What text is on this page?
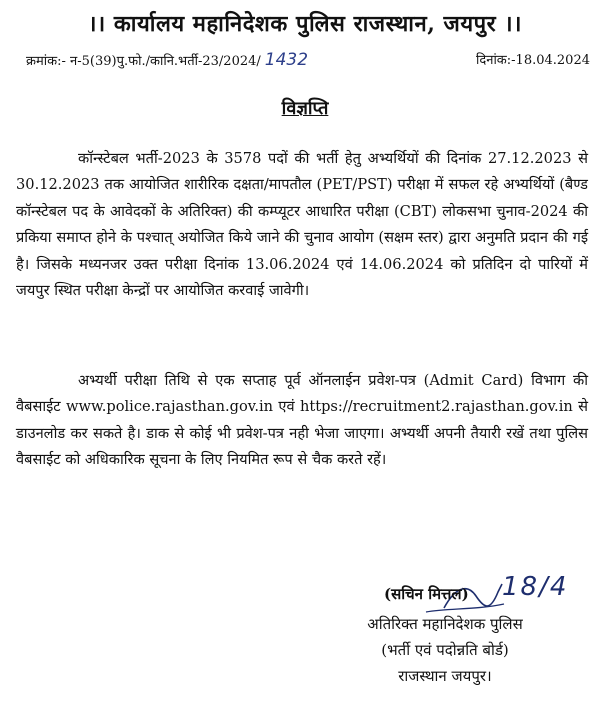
।। कार्यालय महानिदेशक पुलिस राजस्थान, जयपुर ।।
क्रमांक:- न-5(39)पु.फो./कानि.भर्ती-23/2024/ 1432	दिनांक:-18.04.2024
विज्ञप्ति
कॉन्स्टेबल भर्ती-2023 के 3578 पदों की भर्ती हेतु अभ्यर्थियों की दिनांक 27.12.2023 से 30.12.2023 तक आयोजित शारीरिक दक्षता/मापतौल (PET/PST) परीक्षा में सफल रहे अभ्यर्थियों (बैण्ड कॉन्स्टेबल पद के आवेदकों के अतिरिक्त) की कम्प्यूटर आधारित परीक्षा (CBT) लोकसभा चुनाव-2024 की प्रकिया समाप्त होने के पश्चात् अयोजित किये जाने की चुनाव आयोग (सक्षम स्तर) द्वारा अनुमति प्रदान की गई है। जिसके मध्यनजर उक्त परीक्षा दिनांक 13.06.2024 एवं 14.06.2024 को प्रतिदिन दो पारियों में जयपुर स्थित परीक्षा केन्द्रों पर आयोजित करवाई जावेगी।
अभ्यर्थी परीक्षा तिथि से एक सप्ताह पूर्व ऑनलाईन प्रवेश-पत्र (Admit Card) विभाग की वैबसाईट www.police.rajasthan.gov.in एवं https://recruitment2.rajasthan.gov.in से डाउनलोड कर सकते है। डाक से कोई भी प्रवेश-पत्र नही भेजा जाएगा। अभ्यर्थी अपनी तैयारी रखें तथा पुलिस वैबसाईट को अधिकारिक सूचना के लिए नियमित रूप से चैक करते रहें।
(सचिन मित्तल) 18/4
अतिरिक्त महानिदेशक पुलिस
(भर्ती एवं पदोन्नति बोर्ड)
राजस्थान जयपुर।
